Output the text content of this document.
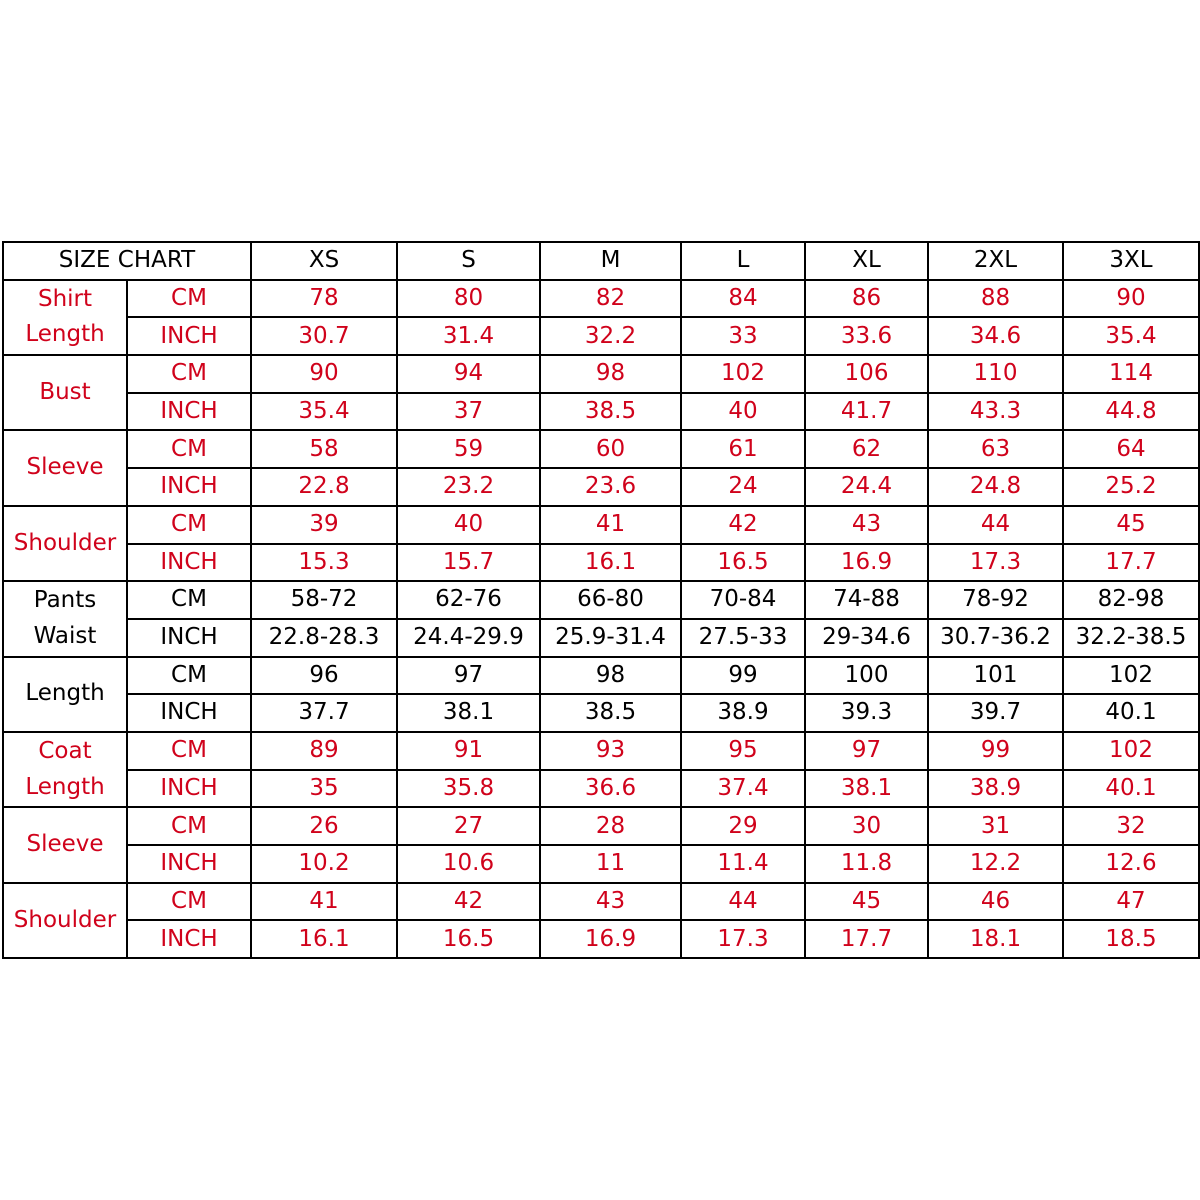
SIZE CHART		XS	S	M	L	XL	2XL	3XL

Shirt
Length	CM	78	80	82	84	86	88	90
	INCH	30.7	31.4	32.2	33	33.6	34.6	35.4

Bust	CM	90	94	98	102	106	110	114
	INCH	35.4	37	38.5	40	41.7	43.3	44.8

Sleeve	CM	58	59	60	61	62	63	64
	INCH	22.8	23.2	23.6	24	24.4	24.8	25.2

Shoulder	CM	39	40	41	42	43	44	45
	INCH	15.3	15.7	16.1	16.5	16.9	17.3	17.7

Pants
Waist	CM	58-72	62-76	66-80	70-84	74-88	78-92	82-98
	INCH	22.8-28.3	24.4-29.9	25.9-31.4	27.5-33	29-34.6	30.7-36.2	32.2-38.5

Length	CM	96	97	98	99	100	101	102
	INCH	37.7	38.1	38.5	38.9	39.3	39.7	40.1

Coat
Length	CM	89	91	93	95	97	99	102
	INCH	35	35.8	36.6	37.4	38.1	38.9	40.1

Sleeve	CM	26	27	28	29	30	31	32
	INCH	10.2	10.6	11	11.4	11.8	12.2	12.6

Shoulder	CM	41	42	43	44	45	46	47
	INCH	16.1	16.5	16.9	17.3	17.7	18.1	18.5
